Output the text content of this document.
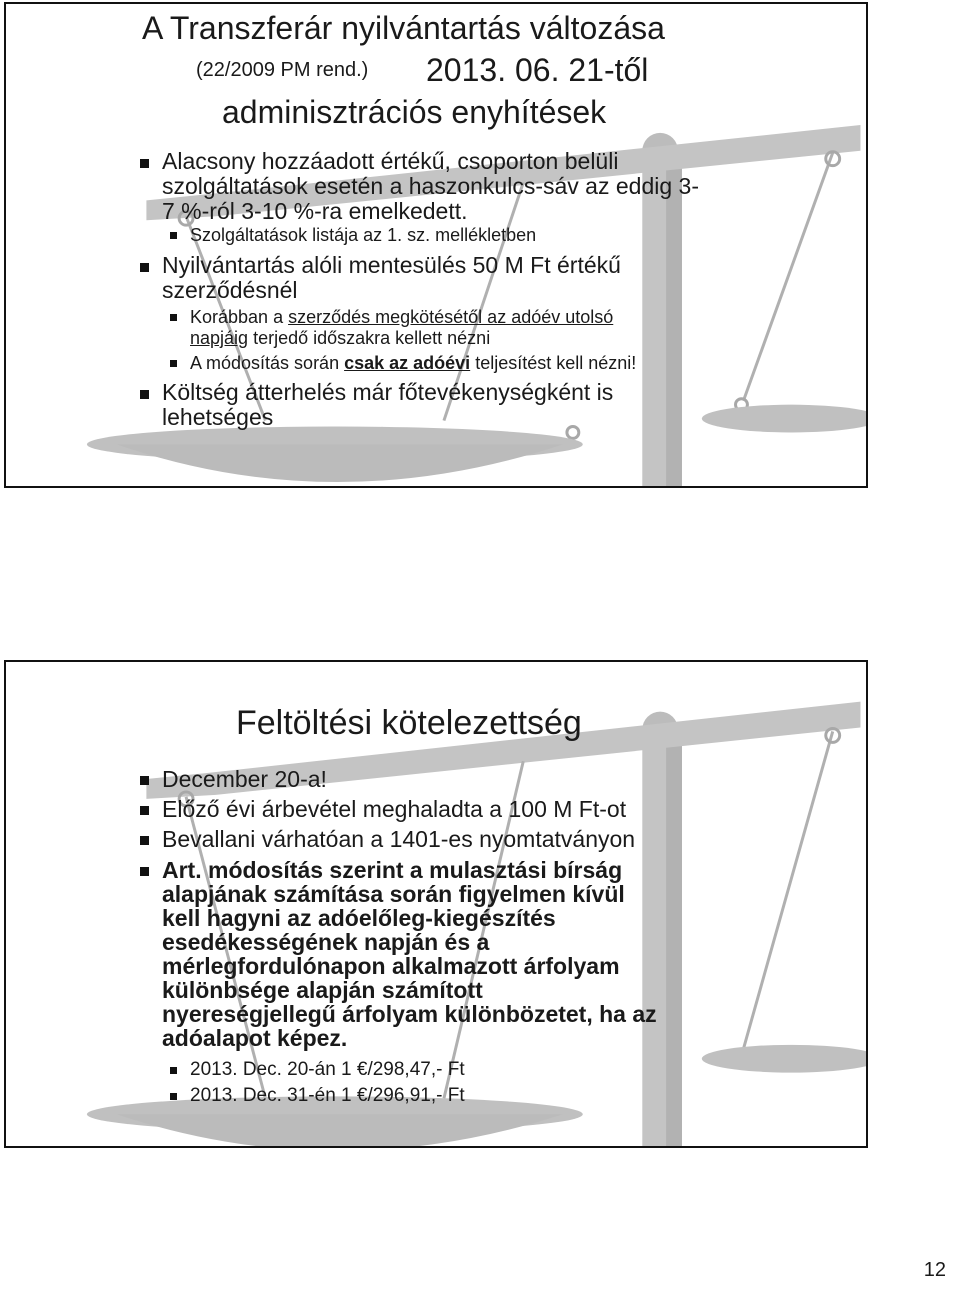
A Transzferár nyilvántartás változása
(22/2009 PM rend.) 2013. 06. 21-től
adminisztrációs enyhítések
Alacsony hozzáadott értékű, csoporton belüli
szolgáltatások esetén a haszonkulcs-sáv az eddig 3-
7 %-ról 3-10 %-ra emelkedett.
Szolgáltatások listája az 1. sz. mellékletben
Nyilvántartás alóli mentesülés 50 M Ft értékű
szerződésnél
Korábban a szerződés megkötésétől az adóév utolsó
napjáig terjedő időszakra kellett nézni
A módosítás során csak az adóévi teljesítést kell nézni!
Költség átterhelés már főtevékenységként is
lehetséges
Feltöltési kötelezettség
December 20-a!
Előző évi árbevétel meghaladta a 100 M Ft-ot
Bevallani várhatóan a 1401-es nyomtatványon
Art. módosítás szerint a mulasztási bírság
alapjának számítása során figyelmen kívül
kell hagyni az adóelőleg-kiegészítés
esedékességének napján és a
mérlegfordulónapon alkalmazott árfolyam
különbsége alapján számított
nyereségjellegű árfolyam különbözetet, ha az
adóalapot képez.
2013. Dec. 20-án 1 €/298,47,- Ft
2013. Dec. 31-én 1 €/296,91,- Ft
12
